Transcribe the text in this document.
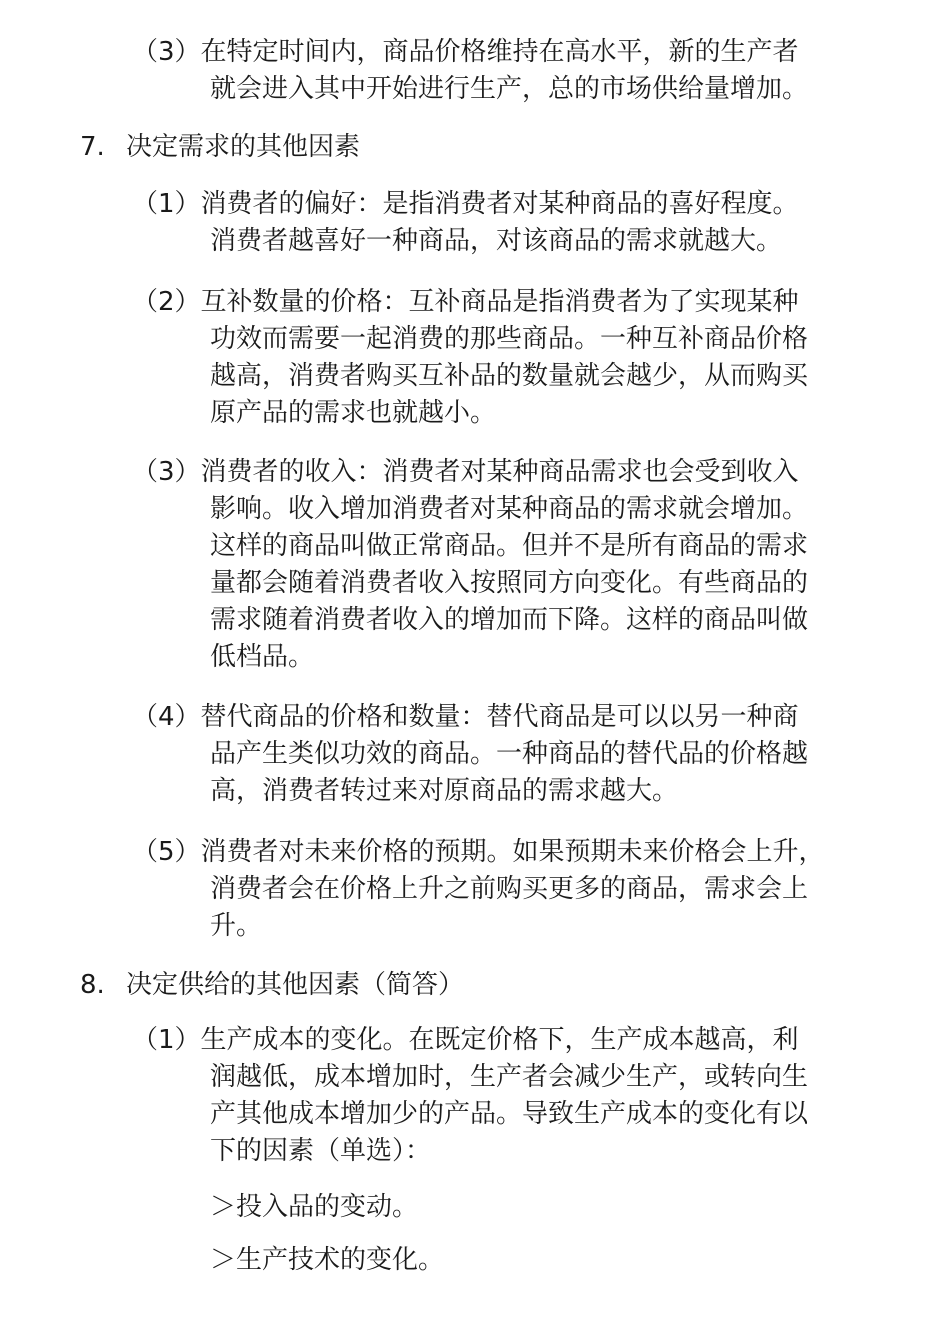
（3）在特定时间内，商品价格维持在高水平，新的生产者
就会进入其中开始进行生产，总的市场供给量增加。
7. 决定需求的其他因素
（1）消费者的偏好：是指消费者对某种商品的喜好程度。
消费者越喜好一种商品，对该商品的需求就越大。
（2）互补数量的价格：互补商品是指消费者为了实现某种
功效而需要一起消费的那些商品。一种互补商品价格
越高，消费者购买互补品的数量就会越少，从而购买
原产品的需求也就越小。
（3）消费者的收入：消费者对某种商品需求也会受到收入
影响。收入增加消费者对某种商品的需求就会增加。
这样的商品叫做正常商品。但并不是所有商品的需求
量都会随着消费者收入按照同方向变化。有些商品的
需求随着消费者收入的增加而下降。这样的商品叫做
低档品。
（4）替代商品的价格和数量：替代商品是可以以另一种商
品产生类似功效的商品。一种商品的替代品的价格越
高，消费者转过来对原商品的需求越大。
（5）消费者对未来价格的预期。如果预期未来价格会上升，
消费者会在价格上升之前购买更多的商品，需求会上
升。
8. 决定供给的其他因素（简答）
（1）生产成本的变化。在既定价格下，生产成本越高，利
润越低，成本增加时，生产者会减少生产，或转向生
产其他成本增加少的产品。导致生产成本的变化有以
下的因素（单选）：
＞投入品的变动。
＞生产技术的变化。
